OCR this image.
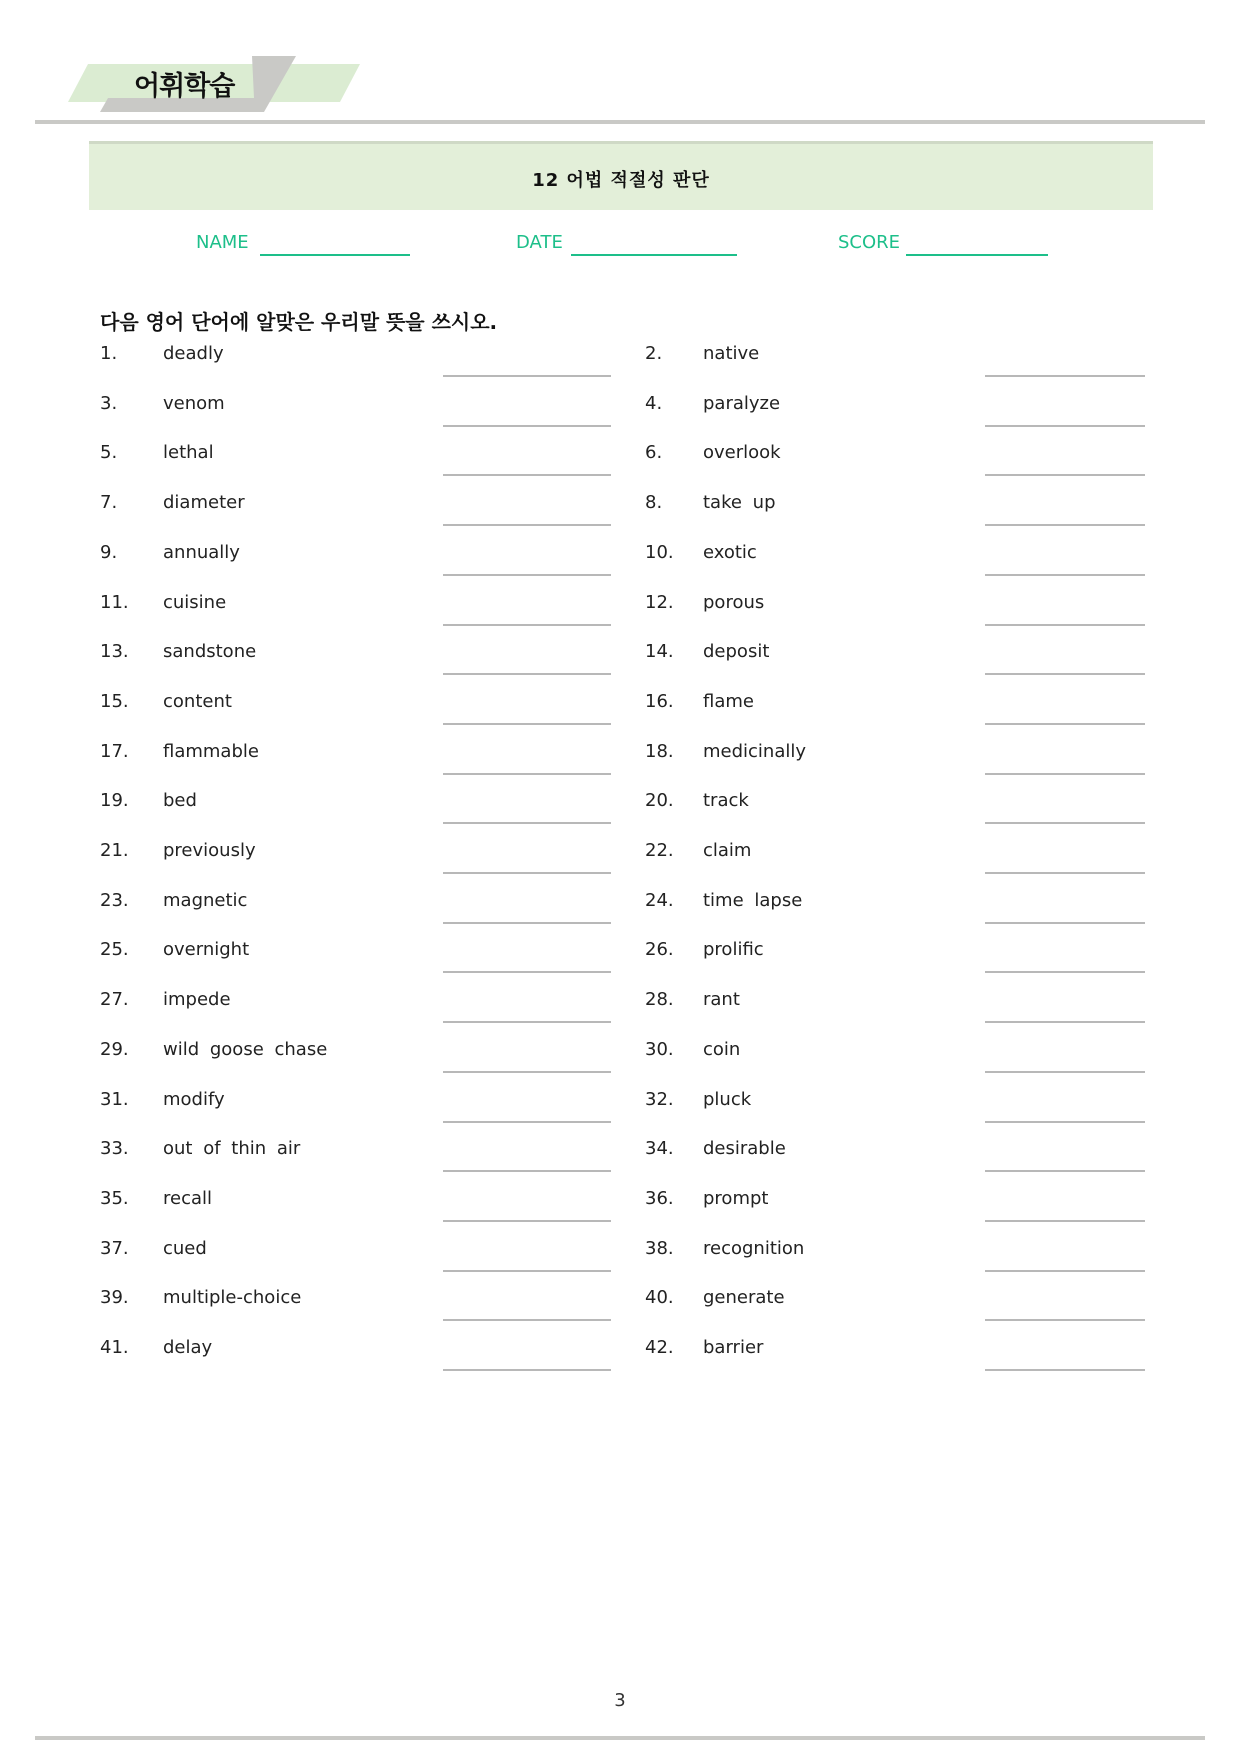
어휘학습
12 어법 적절성 판단
NAME	DATE	SCORE
다음 영어 단어에 알맞은 우리말 뜻을 쓰시오.
1.	deadly	2. native
3.	venom	4. paralyze
5.	lethal	6. overlook
7.	diameter	8. take up
9.	annually	10. exotic
11. cuisine	12. porous
13. sandstone	14. deposit
15. content	16. flame
17. flammable	18. medicinally
19. bed	20. track
21. previously	22. claim
23. magnetic	24. time lapse
25. overnight	26. prolific
27. impede	28. rant
29. wild goose chase	30. coin
31. modify	32. pluck
33. out of thin air	34. desirable
35. recall	36. prompt
37. cued	38. recognition
39. multiple-choice	40. generate
41. delay	42. barrier
3
